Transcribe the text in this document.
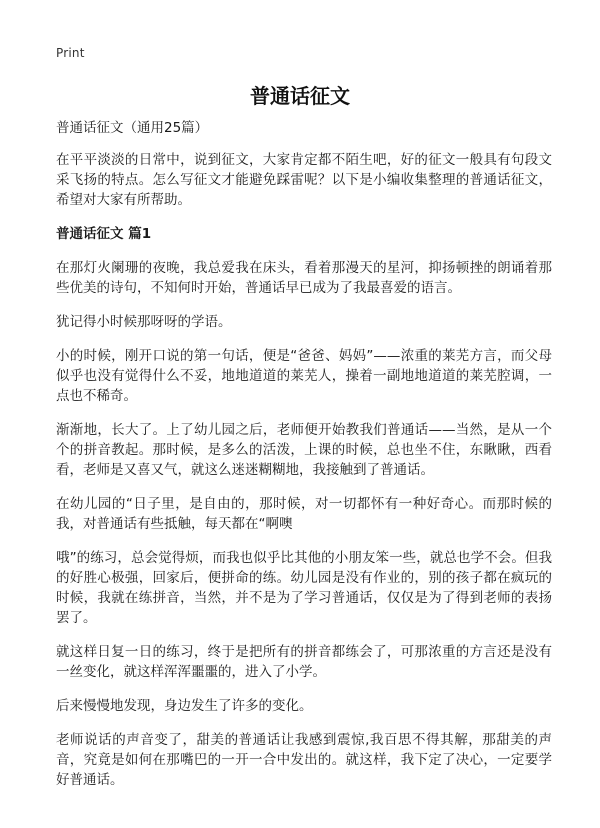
Print
普通话征文
普通话征文（通用25篇）

在平平淡淡的日常中，说到征文，大家肯定都不陌生吧，好的征文一般具有句段文采飞扬的特点。怎么写征文才能避免踩雷呢？以下是小编收集整理的普通话征文，希望对大家有所帮助。

普通话征文 篇1

在那灯火阑珊的夜晚，我总爱我在床头，看着那漫天的星河，抑扬顿挫的朗诵着那些优美的诗句，不知何时开始，普通话早已成为了我最喜爱的语言。

犹记得小时候那呀呀的学语。

小的时候，刚开口说的第一句话，便是“爸爸、妈妈”——浓重的莱芜方言，而父母似乎也没有觉得什么不妥，地地道道的莱芜人，操着一副地地道道的莱芜腔调，一点也不稀奇。

渐渐地，长大了。上了幼儿园之后，老师便开始教我们普通话——当然，是从一个个的拼音教起。那时候，是多么的活泼，上课的时候，总也坐不住，东瞅瞅，西看看，老师是又喜又气，就这么迷迷糊糊地，我接触到了普通话。

在幼儿园的“日子里，是自由的，那时候，对一切都怀有一种好奇心。而那时候的我，对普通话有些抵触，每天都在“啊噢

哦”的练习，总会觉得烦，而我也似乎比其他的小朋友笨一些，就总也学不会。但我的好胜心极强，回家后，便拼命的练。幼儿园是没有作业的，别的孩子都在疯玩的时候，我就在练拼音，当然，并不是为了学习普通话，仅仅是为了得到老师的表扬罢了。

就这样日复一日的练习，终于是把所有的拼音都练会了，可那浓重的方言还是没有一丝变化，就这样浑浑噩噩的，进入了小学。

后来慢慢地发现，身边发生了许多的变化。

老师说话的声音变了，甜美的普通话让我感到震惊,我百思不得其解，那甜美的声音，究竟是如何在那嘴巴的一开一合中发出的。就这样，我下定了决心，一定要学好普通话。
